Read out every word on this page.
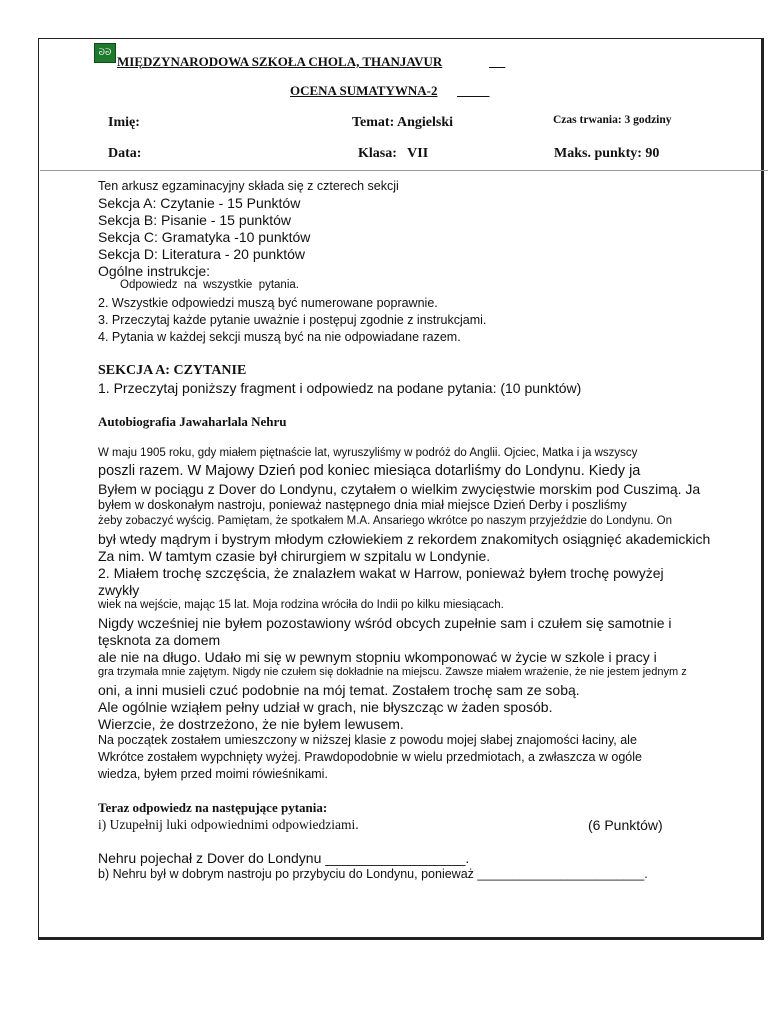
ᘐᘐ
MIĘDZYNARODOWA SZKOŁA CHOLA, THANJAVUR

OCENA SUMATYWNA-2

Imię:	Temat: Angielski	Czas trwania: 3 godziny
Data:	Klasa:   VII	Maks. punkty: 90
Ten arkusz egzaminacyjny składa się z czterech sekcji
Sekcja A: Czytanie - 15 Punktów
Sekcja B: Pisanie - 15 punktów
Sekcja C: Gramatyka -10 punktów
Sekcja D: Literatura - 20 punktów
Ogólne instrukcje:
Odpowiedz  na  wszystkie  pytania.
2. Wszystkie odpowiedzi muszą być numerowane poprawnie.
3. Przeczytaj każde pytanie uważnie i postępuj zgodnie z instrukcjami.
4. Pytania w każdej sekcji muszą być na nie odpowiadane razem.
SEKCJA A: CZYTANIE
1. Przeczytaj poniższy fragment i odpowiedz na podane pytania: (10 punktów)
Autobiografia Jawaharlala Nehru
W maju 1905 roku, gdy miałem piętnaście lat, wyruszyliśmy w podróż do Anglii. Ojciec, Matka i ja wszyscy
poszli razem. W Majowy Dzień pod koniec miesiąca dotarliśmy do Londynu. Kiedy ja
Byłem w pociągu z Dover do Londynu, czytałem o wielkim zwycięstwie morskim pod Cuszimą. Ja
byłem w doskonałym nastroju, ponieważ następnego dnia miał miejsce Dzień Derby i poszliśmy
żeby zobaczyć wyścig. Pamiętam, że spotkałem M.A. Ansariego wkrótce po naszym przyjeździe do Londynu. On
był wtedy mądrym i bystrym młodym człowiekiem z rekordem znakomitych osiągnięć akademickich
Za nim. W tamtym czasie był chirurgiem w szpitalu w Londynie.
2. Miałem trochę szczęścia, że znalazłem wakat w Harrow, ponieważ byłem trochę powyżej
zwykły
wiek na wejście, mając 15 lat. Moja rodzina wróciła do Indii po kilku miesiącach.
Nigdy wcześniej nie byłem pozostawiony wśród obcych zupełnie sam i czułem się samotnie i
tęsknota za domem
ale nie na długo. Udało mi się w pewnym stopniu wkomponować w życie w szkole i pracy i
gra trzymała mnie zajętym. Nigdy nie czułem się dokładnie na miejscu. Zawsze miałem wrażenie, że nie jestem jednym z
oni, a inni musieli czuć podobnie na mój temat. Zostałem trochę sam ze sobą.
Ale ogólnie wziąłem pełny udział w grach, nie błyszcząc w żaden sposób.
Wierzcie, że dostrzeżono, że nie byłem lewusem.
Na początek zostałem umieszczony w niższej klasie z powodu mojej słabej znajomości łaciny, ale
Wkrótce zostałem wypchnięty wyżej. Prawdopodobnie w wielu przedmiotach, a zwłaszcza w ogóle
wiedza, byłem przed moimi rówieśnikami.
Teraz odpowiedz na następujące pytania:
i) Uzupełnij luki odpowiednimi odpowiedziami.	(6 Punktów)
Nehru pojechał z Dover do Londynu __________________.
b) Nehru był w dobrym nastroju po przybyciu do Londynu, ponieważ ________________________.
